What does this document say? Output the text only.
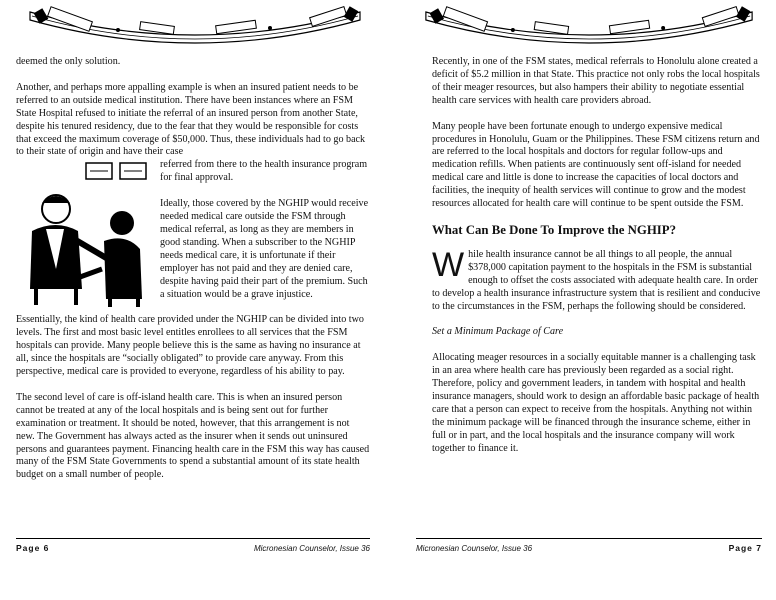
deemed the only solution.

Another, and perhaps more appalling example is when an insured patient needs to be referred to an outside medical institution. There have been instances where an FSM State Hospital refused to initiate the referral of an insured person from another State, despite his tenured residency, due to the fear that they would be responsible for costs that exceed the maximum coverage of $50,000. Thus, these individuals had to go back to their state of origin and have their case

referred from there to the health insurance program for final approval.

Ideally, those covered by the NGHIP would receive needed medical care outside the FSM through medical referral, as long as they are members in good standing. When a subscriber to the NGHIP needs medical care, it is unfortunate if their employer has not paid and they are denied care, despite having paid their part of the premium. Such a situation would be a grave injustice.

Essentially, the kind of health care provided under the NGHIP can be divided into two levels. The first and most basic level entitles enrollees to all services that the FSM hospitals can provide. Many people believe this is the same as having no insurance at all, since the hospitals are “socially obligated” to provide care anyway. From this perspective, medical care is provided to everyone, regardless of his ability to pay.

The second level of care is off-island health care. This is when an insured person cannot be treated at any of the local hospitals and is being sent out for further examination or treatment. It should be noted, however, that this arrangement is not new. The Government has always acted as the insurer when it sends out uninsured persons and guarantees payment. Financing health care in the FSM this way has caused many of the FSM State Governments to spend a substantial amount of its state health budget on a small number of people.

Page 6	Micronesian Counselor, Issue 36

Recently, in one of the FSM states, medical referrals to Honolulu alone created a deficit of $5.2 million in that State. This practice not only robs the local hospitals of their meager resources, but also hampers their ability to negotiate essential health care services with health care providers abroad.

Many people have been fortunate enough to undergo expensive medical procedures in Honolulu, Guam or the Philippines. These FSM citizens return and are referred to the local hospitals and doctors for regular follow-ups and medication refills. When patients are continuously sent off-island for needed medical care and little is done to increase the capacities of local doctors and facilities, the inequity of health services will continue to grow and the modest resources allocated for health care will continue to be spent outside the FSM.

What Can Be Done To Improve the NGHIP?

While health insurance cannot be all things to all people, the annual $378,000 capitation payment to the hospitals in the FSM is substantial enough to offset the costs associated with adequate health care. In order to develop a health insurance infrastructure system that is resilient and conducive to the circumstances in the FSM, perhaps the following should be considered.

Set a Minimum Package of Care

Allocating meager resources in a socially equitable manner is a challenging task in an area where health care has previously been regarded as a social right. Therefore, policy and government leaders, in tandem with hospital and health insurance managers, should work to design an affordable basic package of health care that a person can expect to receive from the hospitals. Anything not within the minimum package will be financed through the insurance scheme, either in full or in part, and the local hospitals and the insurance company will work together to finance it.

Micronesian Counselor, Issue 36	Page 7
